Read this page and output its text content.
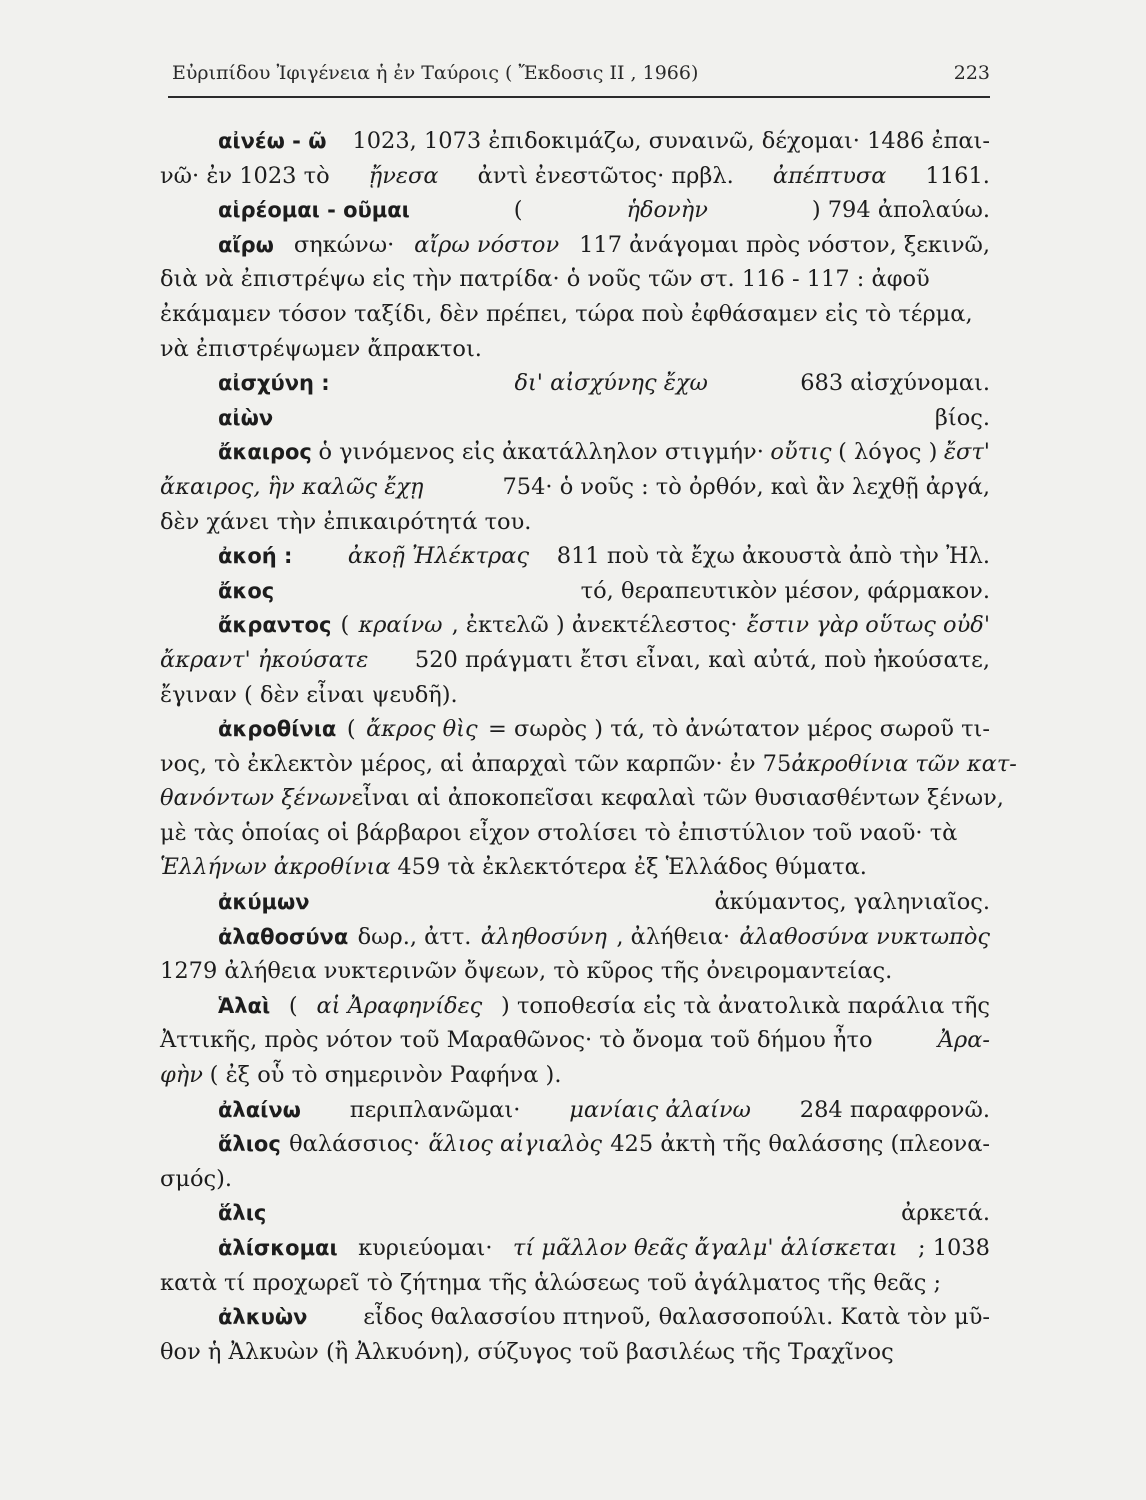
Εὐριπίδου Ἰφιγένεια ἡ ἐν Ταύροις ( Ἔκδοσις ΙΙ , 1966)	223
αἰνέω - ῶ 1023, 1073 ἐπιδοκιμάζω, συναινῶ, δέχομαι· 1486 ἐπαι-
νῶ· ἐν 1023 τὸ ᾔνεσα ἀντὶ ἐνεστῶτος· πρβλ. ἀπέπτυσα 1161.
αἱρέομαι - οῦμαι	(	ἡδονὴν	) 794 ἀπολαύω.
αἴρω σηκώνω· αἴρω νόστον 117 ἀνάγομαι πρὸς νόστον, ξεκινῶ,
διὰ νὰ ἐπιστρέψω εἰς τὴν πατρίδα· ὁ νοῦς τῶν στ. 116 - 117 : ἀφοῦ
ἐκάμαμεν τόσον ταξίδι, δὲν πρέπει, τώρα ποὺ ἐφθάσαμεν εἰς τὸ τέρμα,
νὰ ἐπιστρέψωμεν ἄπρακτοι.
αἰσχύνη :	δι' αἰσχύνης ἔχω	683 αἰσχύνομαι.
αἰὼν	βίος.
ἄκαιρος ὁ γινόμενος εἰς ἀκατάλληλον στιγμήν· οὔτις ( λόγος ) ἔστ'
ἄκαιρος, ἣν καλῶς ἔχῃ	754· ὁ νοῦς : τὸ ὀρθόν, καὶ ἂν λεχθῇ ἀργά,
δὲν χάνει τὴν ἐπικαιρότητά του.
ἀκοή : ἀκοῇ Ἠλέκτρας 811 ποὺ τὰ ἔχω ἀκουστὰ ἀπὸ τὴν Ἠλ.
ἄκος	τό, θεραπευτικὸν μέσον, φάρμακον.
ἄκραντος ( κραίνω , ἐκτελῶ ) ἀνεκτέλεστος· ἔστιν γὰρ οὕτως οὐδ'
ἄκραντ' ἠκούσατε 520 πράγματι ἔτσι εἶναι, καὶ αὐτά, ποὺ ἠκούσατε,
ἔγιναν ( δὲν εἶναι ψευδῆ).
ἀκροθίνια ( ἄκρος θὶς = σωρὸς ) τά, τὸ ἀνώτατον μέρος σωροῦ τι-
νος, τὸ ἐκλεκτὸν μέρος, αἱ ἀπαρχαὶ τῶν καρπῶν· ἐν 75 ἀκροθίνια τῶν κατ-
θανόντων ξένων εἶναι αἱ ἀποκοπεῖσαι κεφαλαὶ τῶν θυσιασθέντων ξένων,
μὲ τὰς ὁποίας οἱ βάρβαροι εἶχον στολίσει τὸ ἐπιστύλιον τοῦ ναοῦ· τὰ
Ἑλλήνων ἀκροθίνια 459 τὰ ἐκλεκτότερα ἐξ Ἑλλάδος θύματα.
ἀκύμων	ἀκύμαντος, γαληνιαῖος.
ἀλαθοσύνα δωρ., ἀττ. ἀληθοσύνη , ἀλήθεια· ἀλαθοσύνα νυκτωπὸς
1279 ἀλήθεια νυκτερινῶν ὄψεων, τὸ κῦρος τῆς ὀνειρομαντείας.
Ἁλαὶ ( αἱ Ἀραφηνίδες ) τοποθεσία εἰς τὰ ἀνατολικὰ παράλια τῆς
Ἀττικῆς, πρὸς νότον τοῦ Μαραθῶνος· τὸ ὄνομα τοῦ δήμου ἦτο	Ἀρα-
φὴν ( ἐξ οὗ τὸ σημερινὸν Ραφήνα ).
ἀλαίνω περιπλανῶμαι· μανίαις ἀλαίνω 284 παραφρονῶ.
ἅλιος θαλάσσιος· ἅλιος αἰγιαλὸς 425 ἀκτὴ τῆς θαλάσσης (πλεονα-
σμός).
ἅλις	ἀρκετά.
ἁλίσκομαι κυριεύομαι· τί μᾶλλον θεᾶς ἄγαλμ' ἁλίσκεται ; 1038
κατὰ τί προχωρεῖ τὸ ζήτημα τῆς ἁλώσεως τοῦ ἀγάλματος τῆς θεᾶς ;
ἀλκυὼν εἶδος θαλασσίου πτηνοῦ, θαλασσοπούλι. Κατὰ τὸν μῦ-
θον ἡ Ἀλκυὼν (ἢ Ἀλκυόνη), σύζυγος τοῦ βασιλέως τῆς Τραχῖνος
